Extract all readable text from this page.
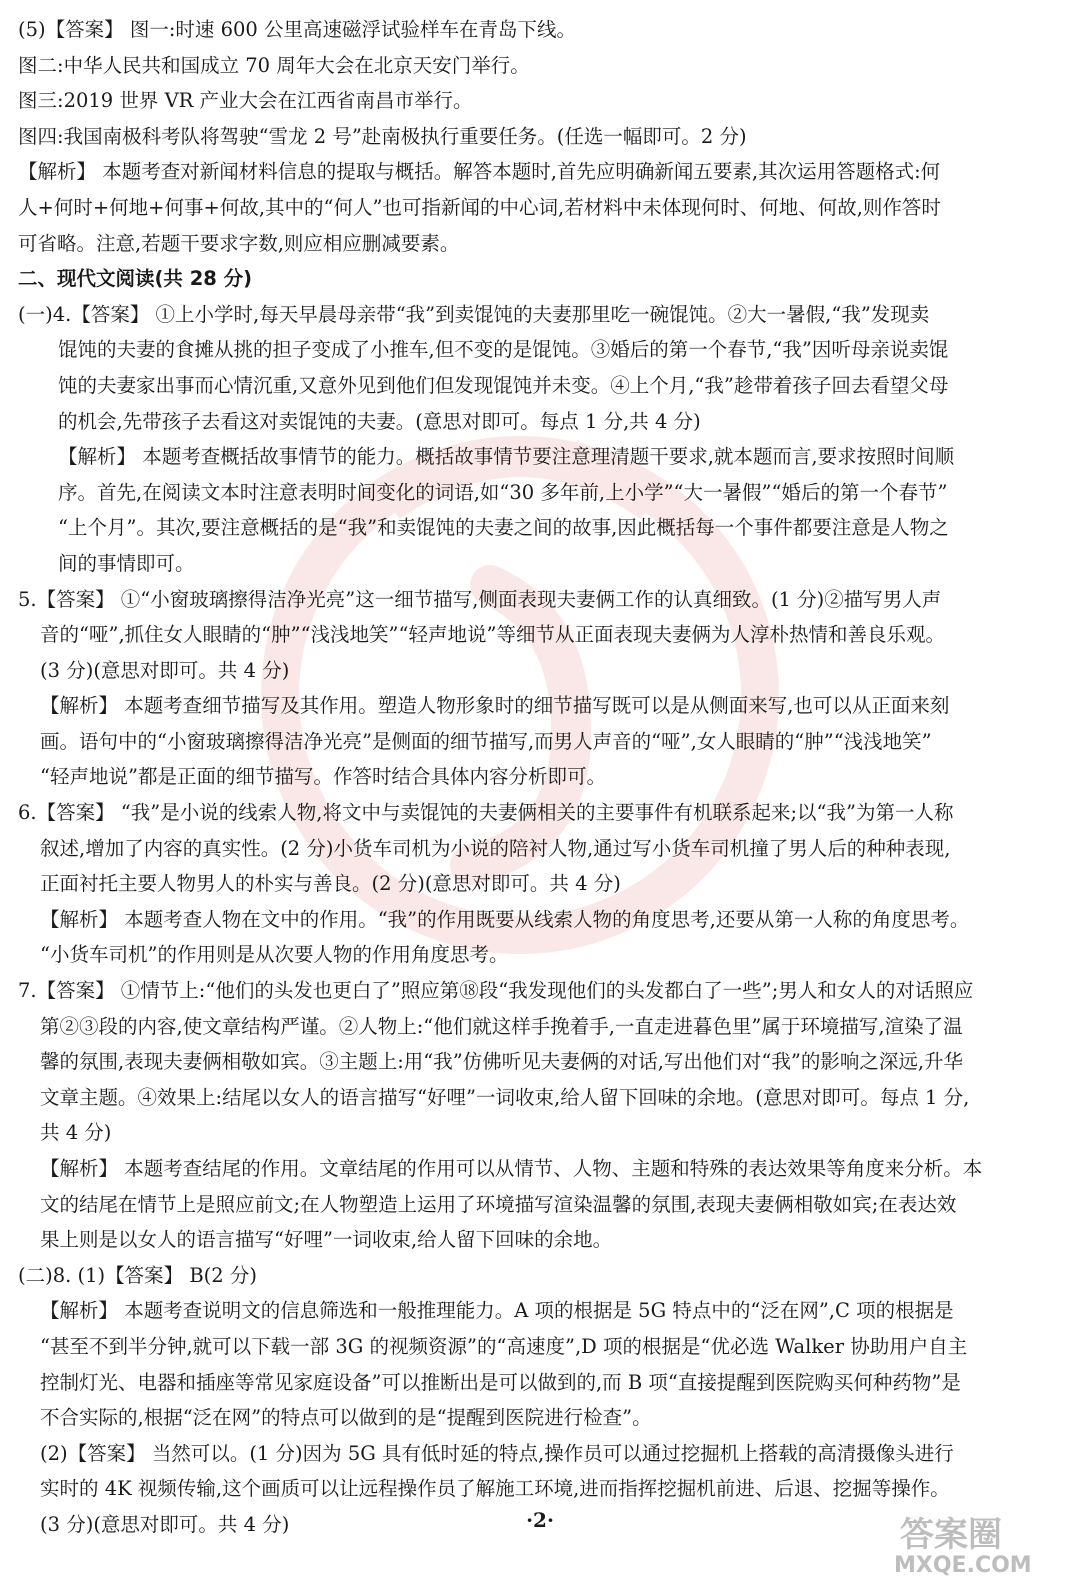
(5)【答案】 图一:时速 600 公里高速磁浮试验样车在青岛下线。
图二:中华人民共和国成立 70 周年大会在北京天安门举行。
图三:2019 世界 VR 产业大会在江西省南昌市举行。
图四:我国南极科考队将驾驶“雪龙 2 号”赴南极执行重要任务。(任选一幅即可。2 分)
【解析】 本题考查对新闻材料信息的提取与概括。解答本题时,首先应明确新闻五要素,其次运用答题格式:何
人+何时+何地+何事+何故,其中的“何人”也可指新闻的中心词,若材料中未体现何时、何地、何故,则作答时
可省略。注意,若题干要求字数,则应相应删减要素。
二、现代文阅读(共 28 分)
(一)4.【答案】 ①上小学时,每天早晨母亲带“我”到卖馄饨的夫妻那里吃一碗馄饨。②大一暑假,“我”发现卖
馄饨的夫妻的食摊从挑的担子变成了小推车,但不变的是馄饨。③婚后的第一个春节,“我”因听母亲说卖馄
饨的夫妻家出事而心情沉重,又意外见到他们但发现馄饨并未变。④上个月,“我”趁带着孩子回去看望父母
的机会,先带孩子去看这对卖馄饨的夫妻。(意思对即可。每点 1 分,共 4 分)
【解析】 本题考查概括故事情节的能力。概括故事情节要注意理清题干要求,就本题而言,要求按照时间顺
序。首先,在阅读文本时注意表明时间变化的词语,如“30 多年前,上小学”“大一暑假”“婚后的第一个春节”
“上个月”。其次,要注意概括的是“我”和卖馄饨的夫妻之间的故事,因此概括每一个事件都要注意是人物之
间的事情即可。
5.【答案】 ①“小窗玻璃擦得洁净光亮”这一细节描写,侧面表现夫妻俩工作的认真细致。(1 分)②描写男人声
音的“哑”,抓住女人眼睛的“肿”“浅浅地笑”“轻声地说”等细节从正面表现夫妻俩为人淳朴热情和善良乐观。
(3 分)(意思对即可。共 4 分)
【解析】 本题考查细节描写及其作用。塑造人物形象时的细节描写既可以是从侧面来写,也可以从正面来刻
画。语句中的“小窗玻璃擦得洁净光亮”是侧面的细节描写,而男人声音的“哑”,女人眼睛的“肿”“浅浅地笑”
“轻声地说”都是正面的细节描写。作答时结合具体内容分析即可。
6.【答案】 “我”是小说的线索人物,将文中与卖馄饨的夫妻俩相关的主要事件有机联系起来;以“我”为第一人称
叙述,增加了内容的真实性。(2 分)小货车司机为小说的陪衬人物,通过写小货车司机撞了男人后的种种表现,
正面衬托主要人物男人的朴实与善良。(2 分)(意思对即可。共 4 分)
【解析】 本题考查人物在文中的作用。“我”的作用既要从线索人物的角度思考,还要从第一人称的角度思考。
“小货车司机”的作用则是从次要人物的作用角度思考。
7.【答案】 ①情节上:“他们的头发也更白了”照应第⑱段“我发现他们的头发都白了一些”;男人和女人的对话照应
第②③段的内容,使文章结构严谨。②人物上:“他们就这样手挽着手,一直走进暮色里”属于环境描写,渲染了温
馨的氛围,表现夫妻俩相敬如宾。③主题上:用“我”仿佛听见夫妻俩的对话,写出他们对“我”的影响之深远,升华
文章主题。④效果上:结尾以女人的语言描写“好哩”一词收束,给人留下回味的余地。(意思对即可。每点 1 分,
共 4 分)
【解析】 本题考查结尾的作用。文章结尾的作用可以从情节、人物、主题和特殊的表达效果等角度来分析。本
文的结尾在情节上是照应前文;在人物塑造上运用了环境描写渲染温馨的氛围,表现夫妻俩相敬如宾;在表达效
果上则是以女人的语言描写“好哩”一词收束,给人留下回味的余地。
(二)8. (1)【答案】 B(2 分)
【解析】 本题考查说明文的信息筛选和一般推理能力。A 项的根据是 5G 特点中的“泛在网”,C 项的根据是
“甚至不到半分钟,就可以下载一部 3G 的视频资源”的“高速度”,D 项的根据是“优必选 Walker 协助用户自主
控制灯光、电器和插座等常见家庭设备”可以推断出是可以做到的,而 B 项“直接提醒到医院购买何种药物”是
不合实际的,根据“泛在网”的特点可以做到的是“提醒到医院进行检查”。
(2)【答案】 当然可以。(1 分)因为 5G 具有低时延的特点,操作员可以通过挖掘机上搭载的高清摄像头进行
实时的 4K 视频传输,这个画质可以让远程操作员了解施工环境,进而指挥挖掘机前进、后退、挖掘等操作。
(3 分)(意思对即可。共 4 分)	·2·	答案圈
MXQE.COM
